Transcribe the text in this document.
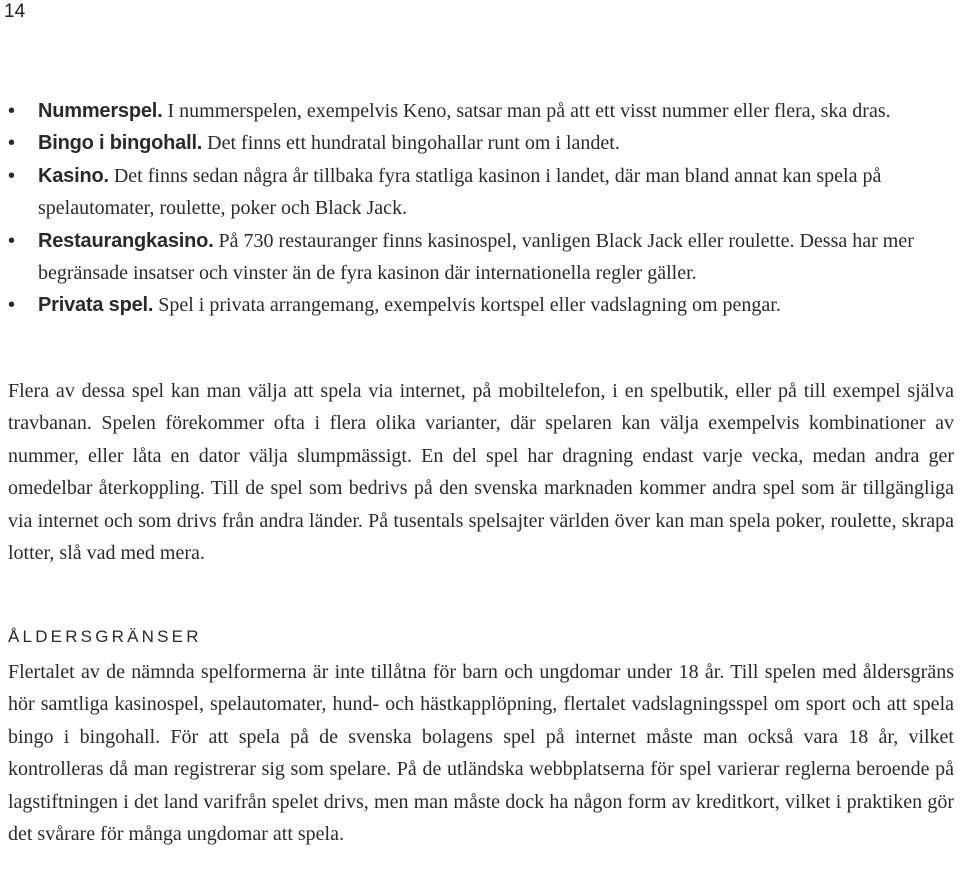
14
• Nummerspel. I nummerspelen, exempelvis Keno, satsar man på att ett visst nummer eller flera, ska dras.
• Bingo i bingohall. Det finns ett hundratal bingohallar runt om i landet.
• Kasino. Det finns sedan några år tillbaka fyra statliga kasinon i landet, där man bland annat kan spela på spelautomater, roulette, poker och Black Jack.
• Restaurangkasino. På 730 restauranger finns kasinospel, vanligen Black Jack eller roulette. Dessa har mer begränsade insatser och vinster än de fyra kasinon där internationella regler gäller.
• Privata spel. Spel i privata arrangemang, exempelvis kortspel eller vadslagning om pengar.

Flera av dessa spel kan man välja att spela via internet, på mobiltelefon, i en spelbutik, eller på till exempel själva travbanan. Spelen förekommer ofta i flera olika varianter, där spelaren kan välja exempelvis kombinationer av nummer, eller låta en dator välja slumpmässigt. En del spel har dragning endast varje vecka, medan andra ger omedelbar återkoppling. Till de spel som bedrivs på den svenska marknaden kommer andra spel som är tillgängliga via internet och som drivs från andra länder. På tusentals spelsajter världen över kan man spela poker, roulette, skrapa lotter, slå vad med mera.

ÅLDERSGRÄNSER

Flertalet av de nämnda spelformerna är inte tillåtna för barn och ungdomar under 18 år. Till spelen med åldersgräns hör samtliga kasinospel, spelautomater, hund- och hästkapplöpning, flertalet vadslagningsspel om sport och att spela bingo i bingohall. För att spela på de svenska bolagens spel på internet måste man också vara 18 år, vilket kontrolleras då man registrerar sig som spelare. På de utländska webbplatserna för spel varierar reglerna beroende på lagstiftningen i det land varifrån spelet drivs, men man måste dock ha någon form av kreditkort, vilket i praktiken gör det svårare för många ungdomar att spela.
